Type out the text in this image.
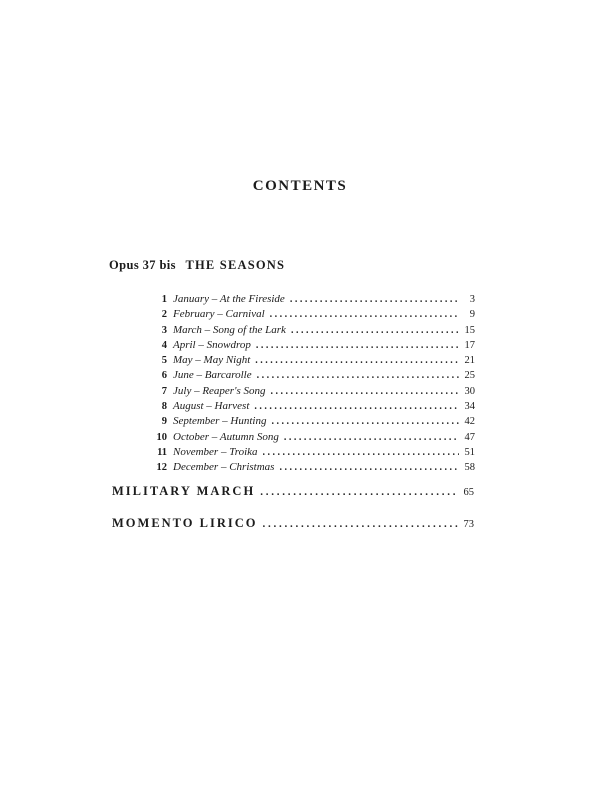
CONTENTS
Opus 37 bis THE SEASONS
1 January – At the Fireside . . .	3
2 February – Carnival . . .	9
3 March – Song of the Lark . . .	15
4 April – Snowdrop . . .	17
5 May – May Night . . .	21
6 June – Barcarolle . . .	25
7 July – Reaper's Song . . .	30
8 August – Harvest . . .	34
9 September – Hunting . . .	42
10 October – Autumn Song . . .	47
11 November – Troika . . .	51
12 December – Christmas . . .	58
MILITARY MARCH . . .	65
MOMENTO LIRICO . . .	73
